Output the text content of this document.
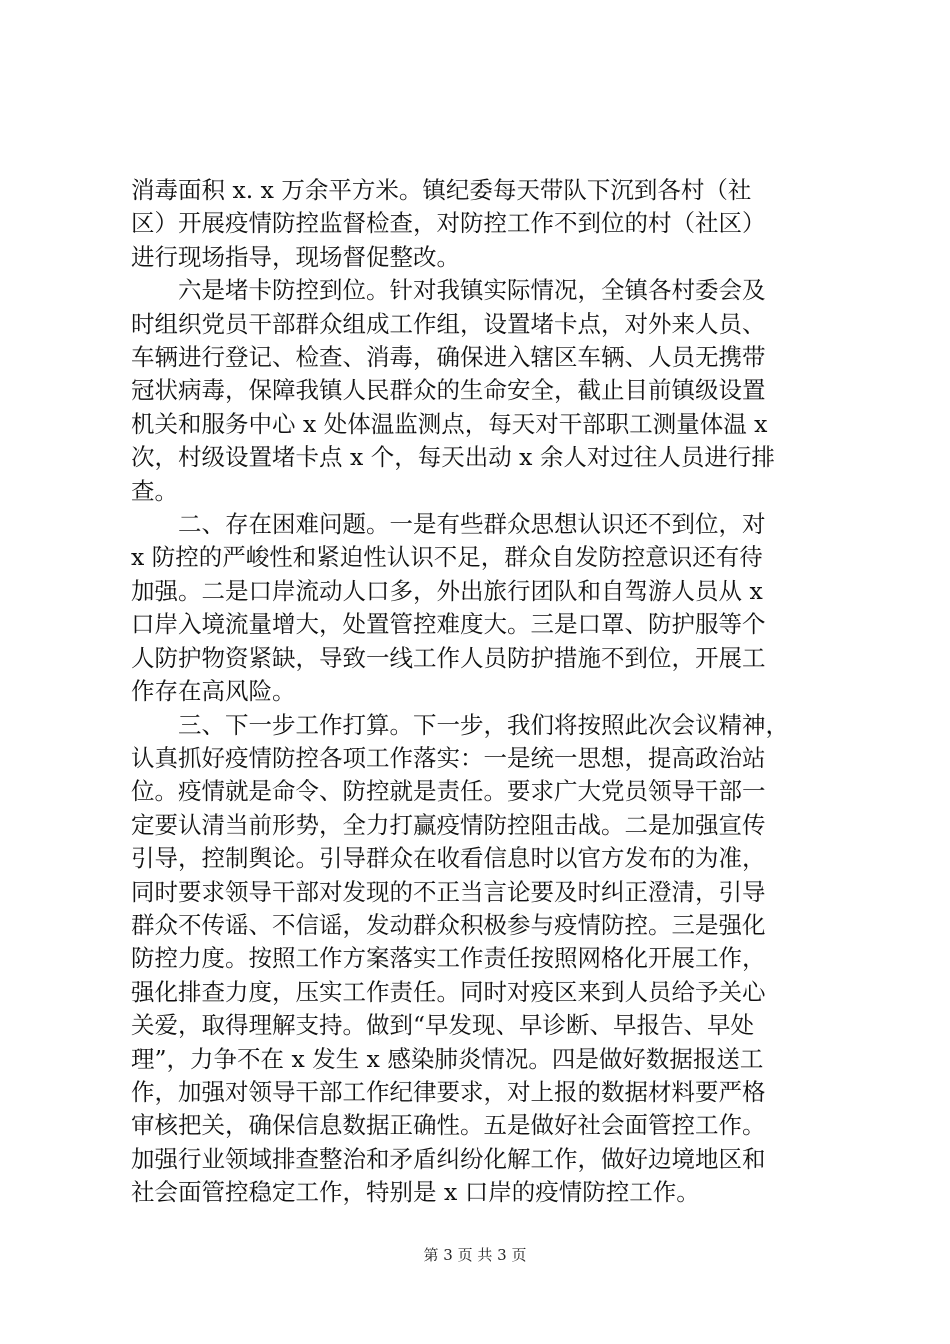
消毒面积 x. x 万余平方米。镇纪委每天带队下沉到各村（社
区）开展疫情防控监督检查，对防控工作不到位的村（社区）
进行现场指导，现场督促整改。

六是堵卡防控到位。针对我镇实际情况，全镇各村委会及
时组织党员干部群众组成工作组，设置堵卡点，对外来人员、
车辆进行登记、检查、消毒，确保进入辖区车辆、人员无携带
冠状病毒，保障我镇人民群众的生命安全，截止目前镇级设置
机关和服务中心 x 处体温监测点，每天对干部职工测量体温 x
次，村级设置堵卡点 x 个，每天出动 x 余人对过往人员进行排
查。

二、存在困难问题。一是有些群众思想认识还不到位，对
x 防控的严峻性和紧迫性认识不足，群众自发防控意识还有待
加强。二是口岸流动人口多，外出旅行团队和自驾游人员从 x
口岸入境流量增大，处置管控难度大。三是口罩、防护服等个
人防护物资紧缺，导致一线工作人员防护措施不到位，开展工
作存在高风险。

三、下一步工作打算。下一步，我们将按照此次会议精神，
认真抓好疫情防控各项工作落实：一是统一思想，提高政治站
位。疫情就是命令、防控就是责任。要求广大党员领导干部一
定要认清当前形势，全力打赢疫情防控阻击战。二是加强宣传
引导，控制舆论。引导群众在收看信息时以官方发布的为准，
同时要求领导干部对发现的不正当言论要及时纠正澄清，引导
群众不传谣、不信谣，发动群众积极参与疫情防控。三是强化
防控力度。按照工作方案落实工作责任按照网格化开展工作，
强化排查力度，压实工作责任。同时对疫区来到人员给予关心
关爱，取得理解支持。做到“早发现、早诊断、早报告、早处
理”，力争不在 x 发生 x 感染肺炎情况。四是做好数据报送工
作，加强对领导干部工作纪律要求，对上报的数据材料要严格
审核把关，确保信息数据正确性。五是做好社会面管控工作。
加强行业领域排查整治和矛盾纠纷化解工作，做好边境地区和
社会面管控稳定工作，特别是 x 口岸的疫情防控工作。

第 3 页 共 3 页
